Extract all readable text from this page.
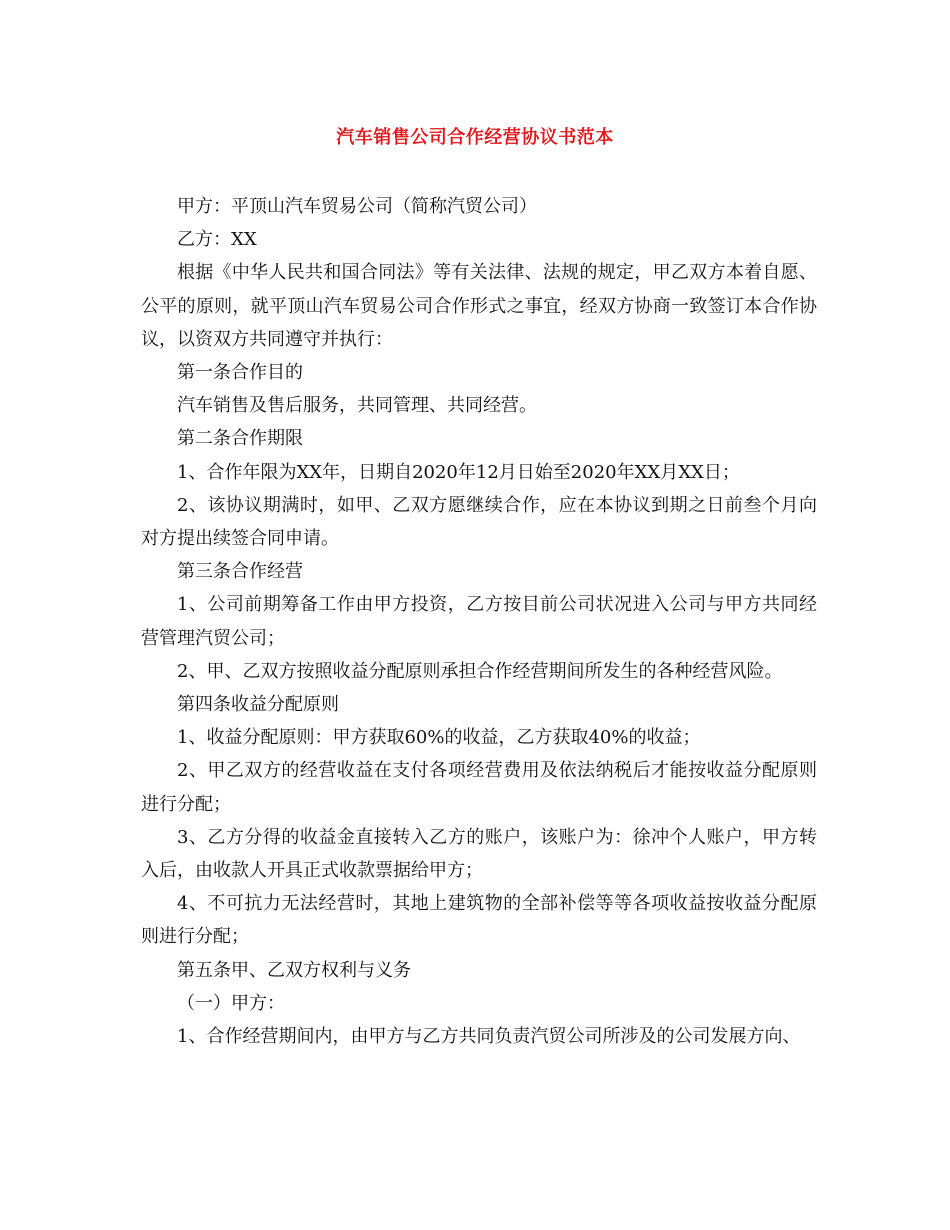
汽车销售公司合作经营协议书范本

甲方：平顶山汽车贸易公司（简称汽贸公司）

乙方：XX

根据《中华人民共和国合同法》等有关法律、法规的规定，甲乙双方本着自愿、公平的原则，就平顶山汽车贸易公司合作形式之事宜，经双方协商一致签订本合作协议，以资双方共同遵守并执行：

第一条合作目的

汽车销售及售后服务，共同管理、共同经营。

第二条合作期限

1、合作年限为XX年，日期自2020年12月日始至2020年XX月XX日；

2、该协议期满时，如甲、乙双方愿继续合作，应在本协议到期之日前叁个月向对方提出续签合同申请。

第三条合作经营

1、公司前期筹备工作由甲方投资，乙方按目前公司状况进入公司与甲方共同经营管理汽贸公司；

2、甲、乙双方按照收益分配原则承担合作经营期间所发生的各种经营风险。

第四条收益分配原则

1、收益分配原则：甲方获取60%的收益，乙方获取40%的收益；

2、甲乙双方的经营收益在支付各项经营费用及依法纳税后才能按收益分配原则进行分配；

3、乙方分得的收益金直接转入乙方的账户，该账户为：徐冲个人账户，甲方转入后，由收款人开具正式收款票据给甲方；

4、不可抗力无法经营时，其地上建筑物的全部补偿等等各项收益按收益分配原则进行分配；

第五条甲、乙双方权利与义务

（一）甲方：

1、合作经营期间内，由甲方与乙方共同负责汽贸公司所涉及的公司发展方向、
